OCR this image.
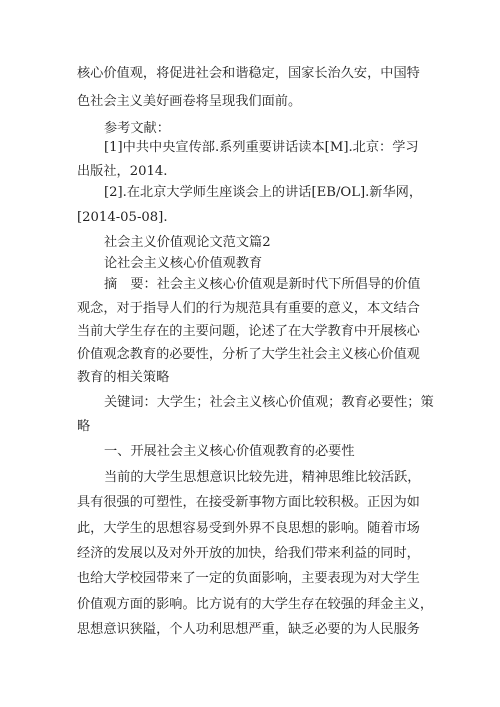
核心价值观，将促进社会和谐稳定，国家长治久安，中国特
色社会主义美好画卷将呈现我们面前。
参考文献：
[1]中共中央宣传部.系列重要讲话读本[M].北京：学习
出版社，2014.
[2].在北京大学师生座谈会上的讲话[EB/OL].新华网，
[2014-05-08].
社会主义价值观论文范文篇2
论社会主义核心价值观教育
摘　要：社会主义核心价值观是新时代下所倡导的价值
观念，对于指导人们的行为规范具有重要的意义，本文结合
当前大学生存在的主要问题，论述了在大学教育中开展核心
价值观念教育的必要性，分析了大学生社会主义核心价值观
教育的相关策略
关键词：大学生；社会主义核心价值观；教育必要性；策
略
一、开展社会主义核心价值观教育的必要性
当前的大学生思想意识比较先进，精神思维比较活跃，
具有很强的可塑性，在接受新事物方面比较积极。正因为如
此，大学生的思想容易受到外界不良思想的影响。随着市场
经济的发展以及对外开放的加快，给我们带来利益的同时，
也给大学校园带来了一定的负面影响，主要表现为对大学生
价值观方面的影响。比方说有的大学生存在较强的拜金主义，
思想意识狭隘，个人功利思想严重，缺乏必要的为人民服务
